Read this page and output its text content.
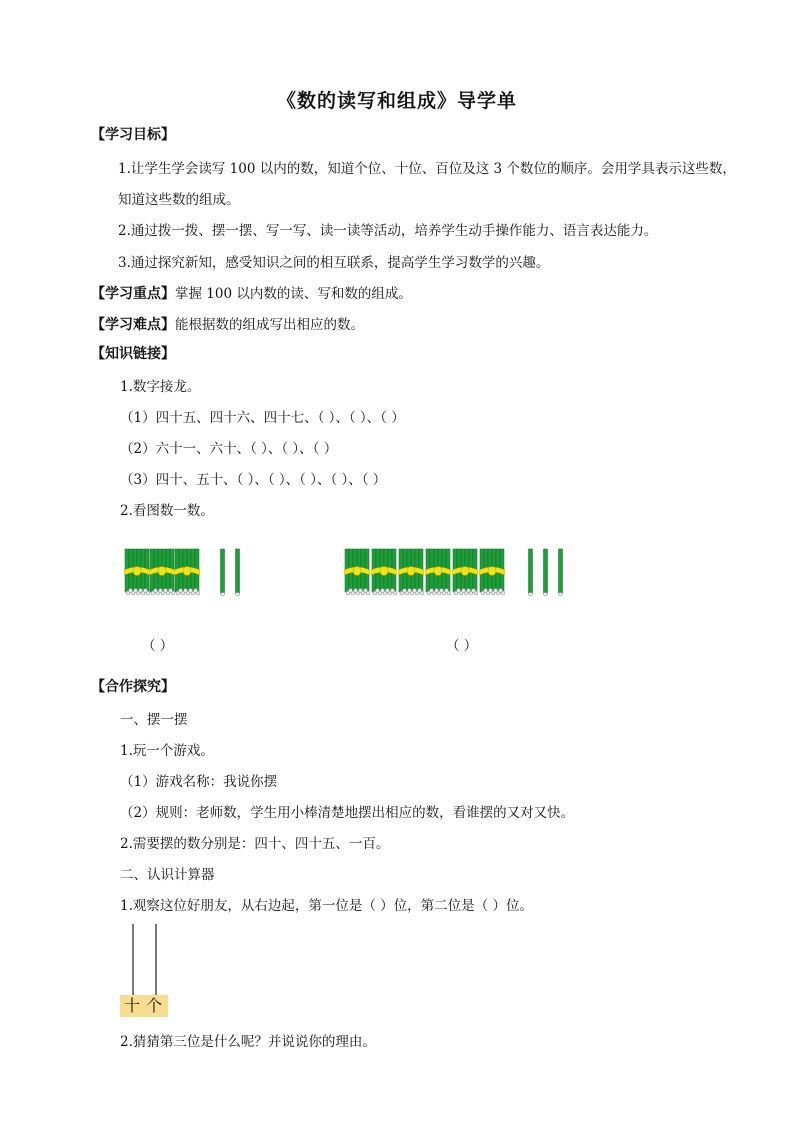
《数的读写和组成》导学单
【学习目标】
1.让学生学会读写 100 以内的数，知道个位、十位、百位及这 3 个数位的顺序。会用学具表示这些数，
知道这些数的组成。
2.通过拨一拨、摆一摆、写一写、读一读等活动，培养学生动手操作能力、语言表达能力。
3.通过探究新知，感受知识之间的相互联系，提高学生学习数学的兴趣。
【学习重点】掌握 100 以内数的读、写和数的组成。
【学习难点】能根据数的组成写出相应的数。
【知识链接】
1.数字接龙。
（1）四十五、四十六、四十七、（ ）、（ ）、（ ）
（2）六十一、六十、（ ）、（ ）、（ ）
（3）四十、五十、（ ）、（ ）、（ ）、（ ）、（ ）
2.看图数一数。
（ ）	（ ）
【合作探究】
一、摆一摆
1.玩一个游戏。
（1）游戏名称：我说你摆
（2）规则：老师数，学生用小棒清楚地摆出相应的数，看谁摆的又对又快。
2.需要摆的数分别是：四十、四十五、一百。
二、认识计算器
1.观察这位好朋友，从右边起，第一位是（ ）位，第二位是（ ）位。
十个
2.猜猜第三位是什么呢？并说说你的理由。
